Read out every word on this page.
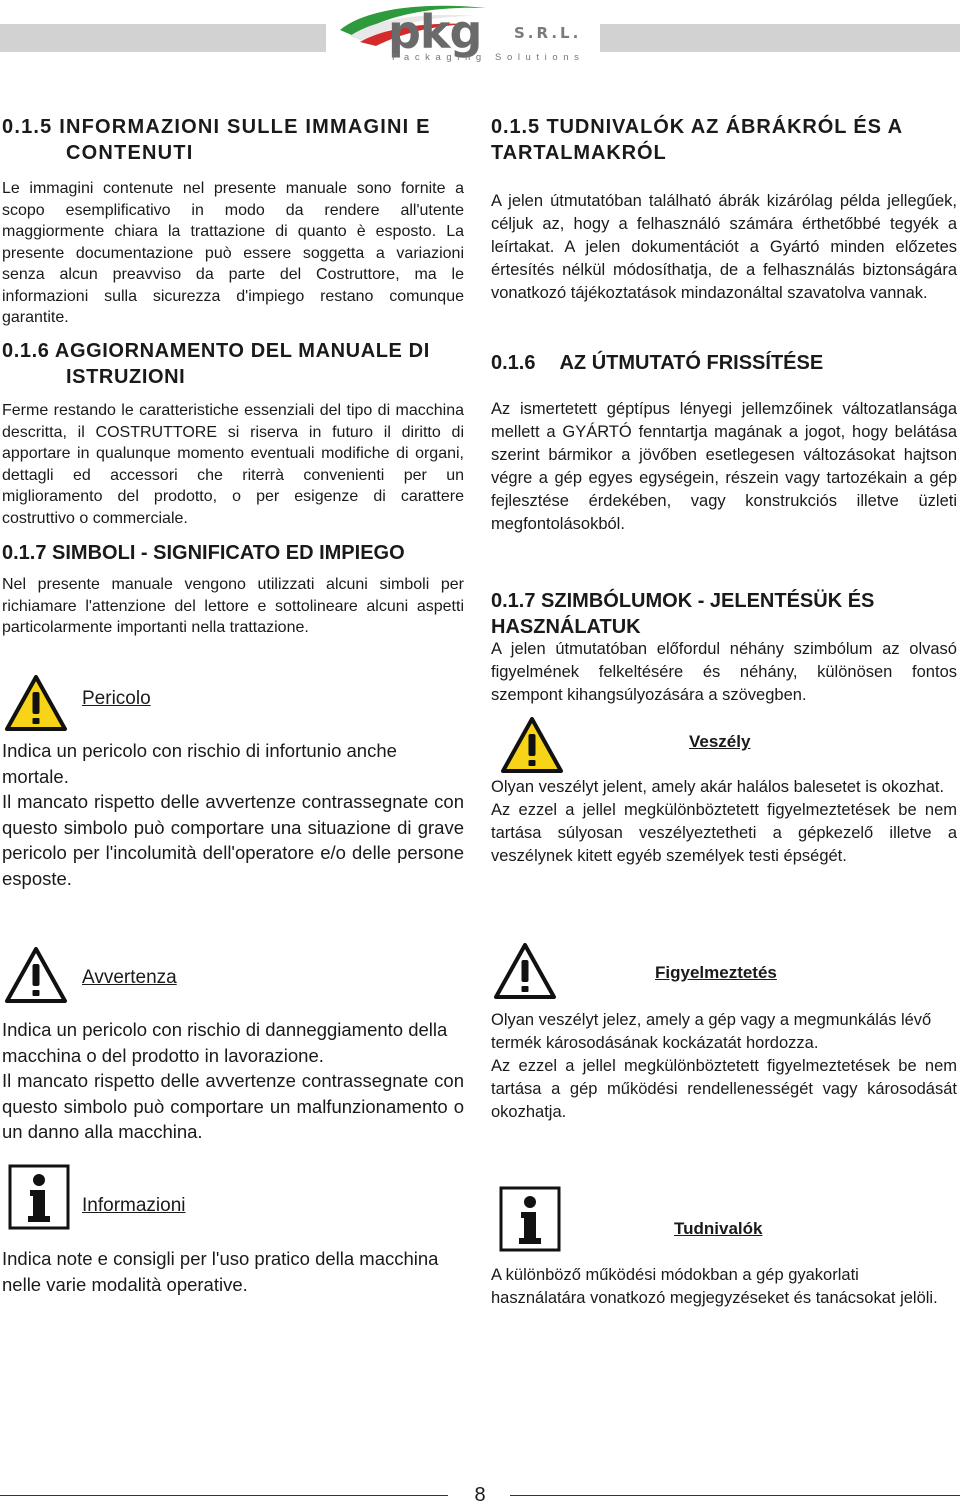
pkg S.R.L.
Packaging Solutions
0.1.5 INFORMAZIONI SULLE IMMAGINI E CONTENUTI

Le immagini contenute nel presente manuale sono fornite a scopo esemplificativo in modo da rendere all'utente maggiormente chiara la trattazione di quanto è esposto. La presente documentazione può essere soggetta a variazioni senza alcun preavviso da parte del Costruttore, ma le informazioni sulla sicurezza d'impiego restano comunque garantite.

0.1.6 AGGIORNAMENTO DEL MANUALE DI ISTRUZIONI

Ferme restando le caratteristiche essenziali del tipo di macchina descritta, il COSTRUTTORE si riserva in futuro il diritto di apportare in qualunque momento eventuali modifiche di organi, dettagli ed accessori che riterrà convenienti per un miglioramento del prodotto, o per esigenze di carattere costruttivo o commerciale.

0.1.7 SIMBOLI - SIGNIFICATO ED IMPIEGO

Nel presente manuale vengono utilizzati alcuni simboli per richiamare l'attenzione del lettore e sottolineare alcuni aspetti particolarmente importanti nella trattazione.

Pericolo

Indica un pericolo con rischio di infortunio anche mortale.

Il mancato rispetto delle avvertenze contrassegnate con questo simbolo può comportare una situazione di grave pericolo per l'incolumità dell'operatore e/o delle persone esposte.

Avvertenza

Indica un pericolo con rischio di danneggiamento della macchina o del prodotto in lavorazione.

Il mancato rispetto delle avvertenze contrassegnate con questo simbolo può comportare un malfunzionamento o un danno alla macchina.

Informazioni

Indica note e consigli per l'uso pratico della macchina nelle varie modalità operative.

0.1.5 TUDNIVALÓK AZ ÁBRÁKRÓL ÉS A TARTALMAKRÓL

A jelen útmutatóban található ábrák kizárólag példa jellegűek, céljuk az, hogy a felhasználó számára érthetőbbé tegyék a leírtakat. A jelen dokumentációt a Gyártó minden előzetes értesítés nélkül módosíthatja, de a felhasználás biztonságára vonatkozó tájékoztatások mindazonáltal szavatolva vannak.

0.1.6 AZ ÚTMUTATÓ FRISSÍTÉSE

Az ismertetett géptípus lényegi jellemzőinek változatlansága mellett a GYÁRTÓ fenntartja magának a jogot, hogy belátása szerint bármikor a jövőben esetlegesen változásokat hajtson végre a gép egyes egységein, részein vagy tartozékain a gép fejlesztése érdekében, vagy konstrukciós illetve üzleti megfontolásokból.

0.1.7 SZIMBÓLUMOK - JELENTÉSÜK ÉS HASZNÁLATUK

A jelen útmutatóban előfordul néhány szimbólum az olvasó figyelmének felkeltésére és néhány, különösen fontos szempont kihangsúlyozására a szövegben.

Veszély

Olyan veszélyt jelent, amely akár halálos balesetet is okozhat.

Az ezzel a jellel megkülönböztetett figyelmeztetések be nem tartása súlyosan veszélyeztetheti a gépkezelő illetve a veszélynek kitett egyéb személyek testi épségét.

Figyelmeztetés

Olyan veszélyt jelez, amely a gép vagy a megmunkálás lévő termék károsodásának kockázatát hordozza.

Az ezzel a jellel megkülönböztetett figyelmeztetések be nem tartása a gép működési rendellenességét vagy károsodását okozhatja.

Tudnivalók

A különböző működési módokban a gép gyakorlati használatára vonatkozó megjegyzéseket és tanácsokat jelöli.

8
